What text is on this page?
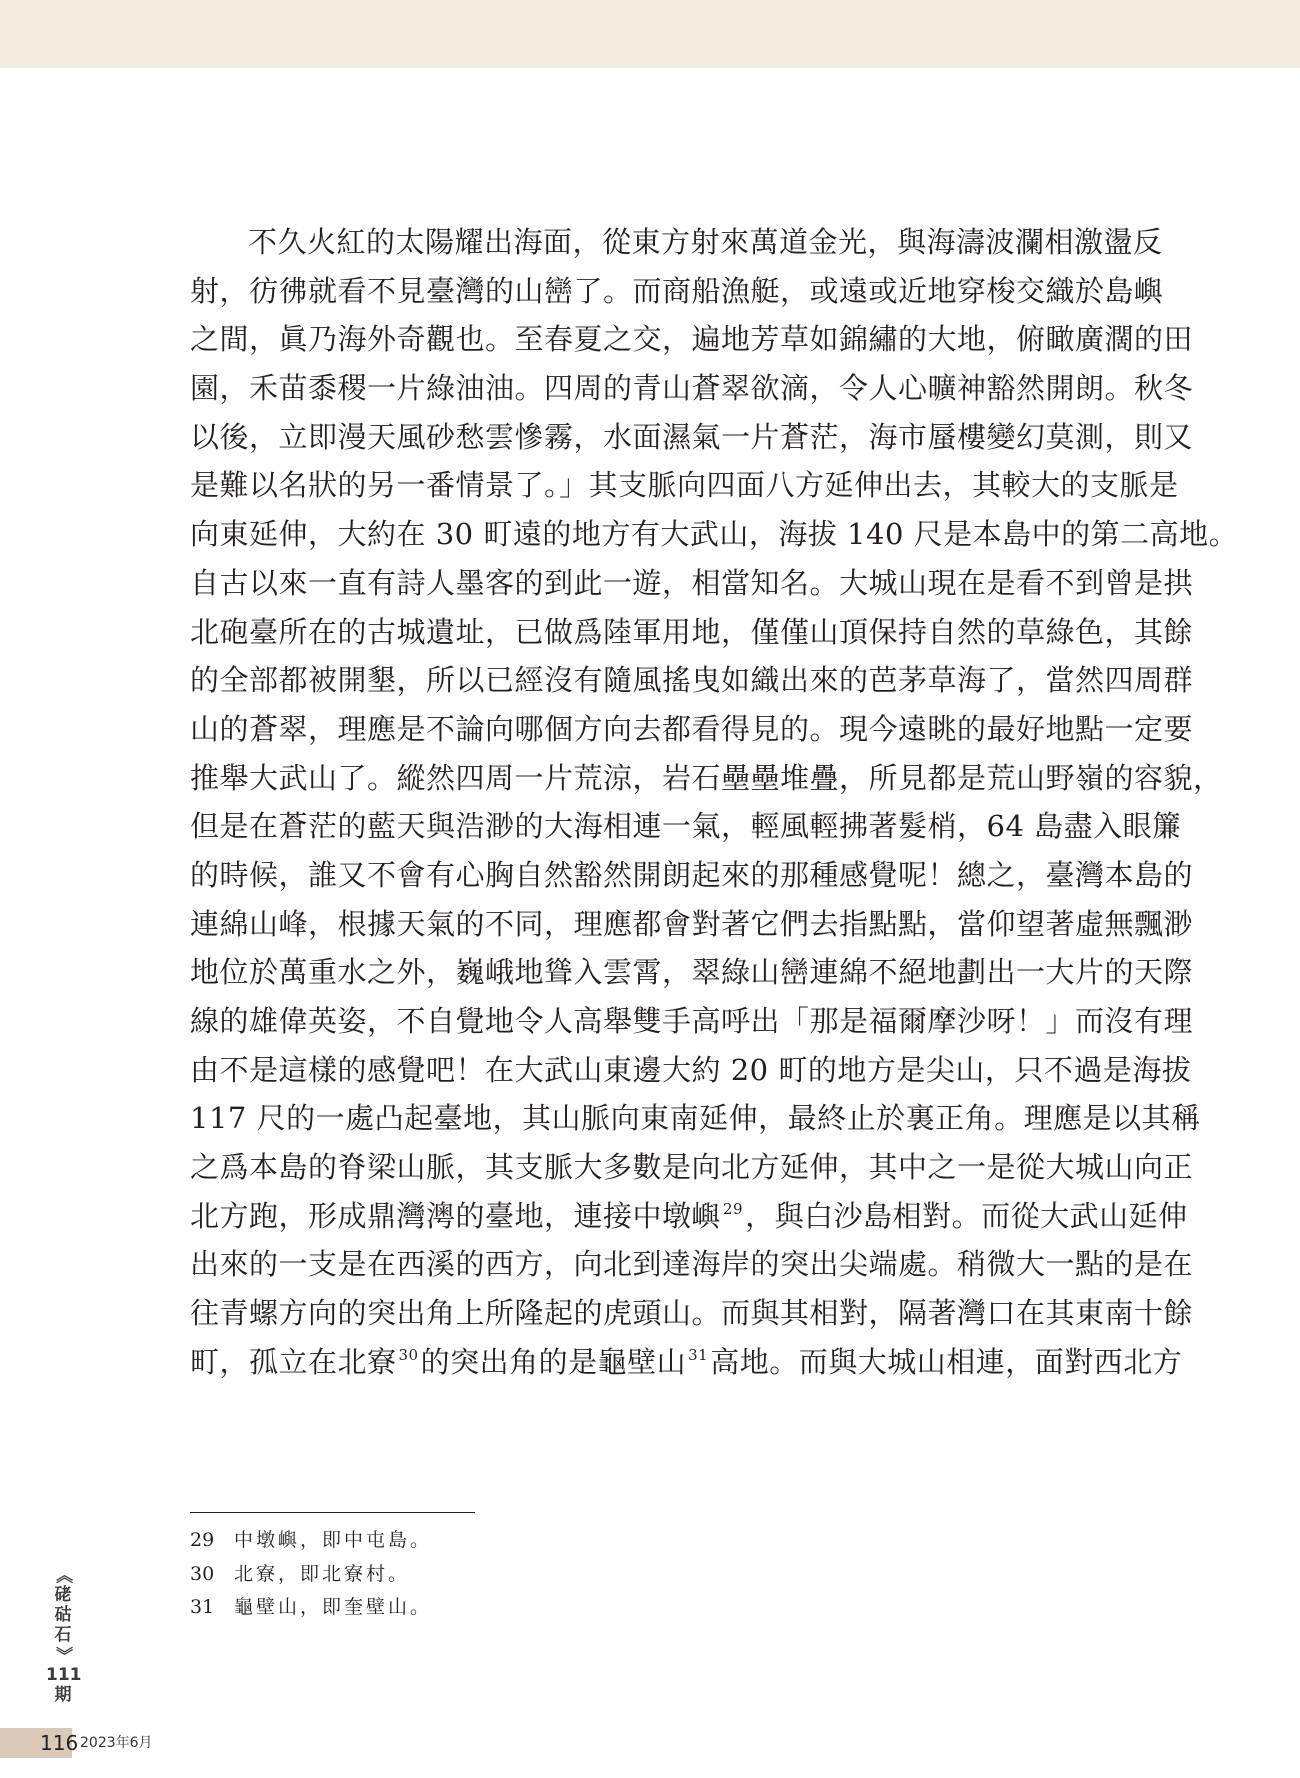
不久火紅的太陽耀出海面，從東方射來萬道金光，與海濤波瀾相激盪反
射，彷彿就看不見臺灣的山巒了。而商船漁艇，或遠或近地穿梭交織於島嶼
之間，眞乃海外奇觀也。至春夏之交，遍地芳草如錦繡的大地，俯瞰廣濶的田
園，禾苗黍稷一片綠油油。四周的青山蒼翠欲滴，令人心曠神豁然開朗。秋冬
以後，立即漫天風砂愁雲慘霧，水面濕氣一片蒼茫，海市蜃樓變幻莫測，則又
是難以名狀的另一番情景了。」其支脈向四面八方延伸出去，其較大的支脈是
向東延伸，大約在 30 町遠的地方有大武山，海拔 140 尺是本島中的第二高地。
自古以來一直有詩人墨客的到此一遊，相當知名。大城山現在是看不到曾是拱
北砲臺所在的古城遺址，已做爲陸軍用地，僅僅山頂保持自然的草綠色，其餘
的全部都被開墾，所以已經沒有隨風搖曳如織出來的芭茅草海了，當然四周群
山的蒼翠，理應是不論向哪個方向去都看得見的。現今遠眺的最好地點一定要
推舉大武山了。縱然四周一片荒涼，岩石壘壘堆疊，所見都是荒山野嶺的容貌，
但是在蒼茫的藍天與浩渺的大海相連一氣，輕風輕拂著髮梢，64 島盡入眼簾
的時候，誰又不會有心胸自然豁然開朗起來的那種感覺呢！總之，臺灣本島的
連綿山峰，根據天氣的不同，理應都會對著它們去指點點，當仰望著虛無飄渺
地位於萬重水之外，巍峨地聳入雲霄，翠綠山巒連綿不絕地劃出一大片的天際
線的雄偉英姿，不自覺地令人高舉雙手高呼出「那是福爾摩沙呀！」而沒有理
由不是這樣的感覺吧！在大武山東邊大約 20 町的地方是尖山，只不過是海拔
117 尺的一處凸起臺地，其山脈向東南延伸，最終止於裏正角。理應是以其稱
之爲本島的脊梁山脈，其支脈大多數是向北方延伸，其中之一是從大城山向正
北方跑，形成鼎灣澚的臺地，連接中墩嶼 $^{29}$，與白沙島相對。而從大武山延伸
出來的一支是在西溪的西方，向北到達海岸的突出尖端處。稍微大一點的是在
往青螺方向的突出角上所隆起的虎頭山。而與其相對，隔著灣口在其東南十餘
町，孤立在北寮 $^{30}$的突出角的是龜壁山 $^{31}$高地。而與大城山相連，面對西北方
29 中墩嶼，即中屯島。
30 北寮，即北寮村。
31 龜壁山，即奎壁山。
《
硓
𥑮
石
》
111
期
116 2023年6月
